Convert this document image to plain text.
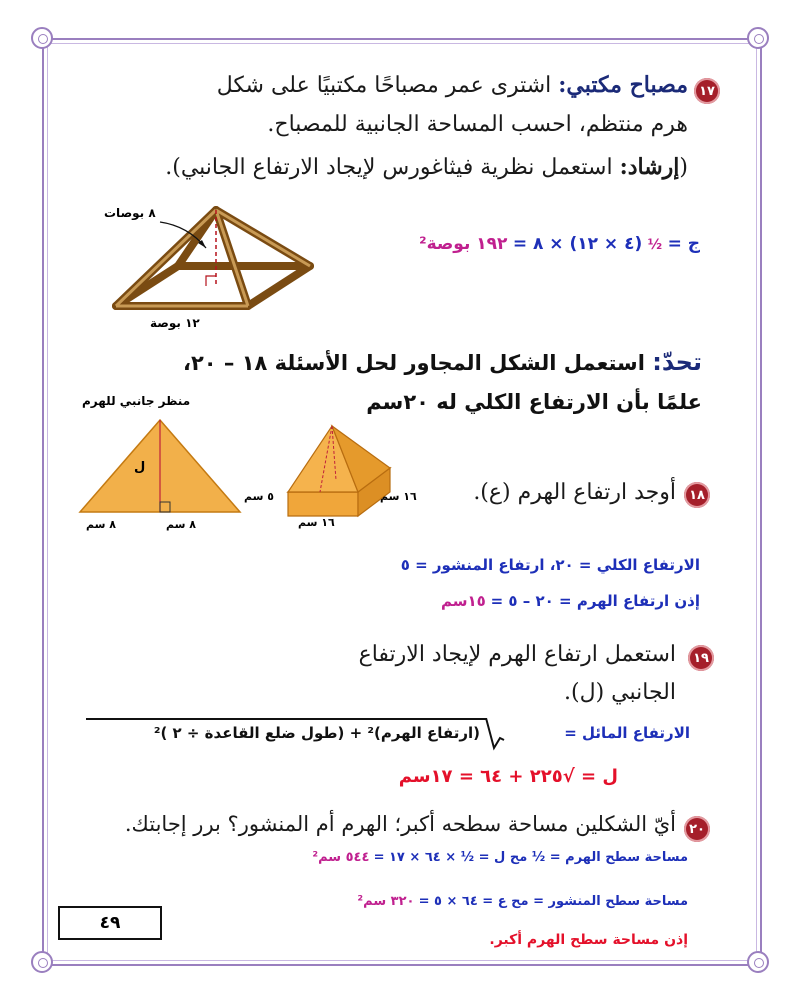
١٧
مصباح مكتبي: اشترى عمر مصباحًا مكتبيًا على شكل
هرم منتظم، احسب المساحة الجانبية للمصباح.
(إرشاد: استعمل نظرية فيثاغورس لإيجاد الارتفاع الجانبي).
٨ بوصات
١٢ بوصة
ج = ½ (٤ × ١٢) × ٨ = ١٩٢ بوصة²
تحدّ: استعمل الشكل المجاور لحل الأسئلة ١٨ – ٢٠،
علمًا بأن الارتفاع الكلي له ٢٠سم
منظر جانبي للهرم
ل
٨ سم	٨ سم
٥ سم	١٦ سم
١٦ سم
١٨
أوجد ارتفاع الهرم (ع).
الارتفاع الكلي = ٢٠، ارتفاع المنشور = ٥
إذن ارتفاع الهرم = ٢٠ – ٥ = ١٥سم
١٩
استعمل ارتفاع الهرم لإيجاد الارتفاع
الجانبي (ل).
الارتفاع المائل =
(ارتفاع الهرم)² + (طول ضلع القاعدة ÷ ٢ )²
ل = √٢٢٥ + ٦٤ = ١٧سم
٢٠
أيّ الشكلين مساحة سطحه أكبر؛ الهرم أم المنشور؟ برر إجابتك.
مساحة سطح الهرم = ½ مح ل = ½ × ٦٤ × ١٧ = ٥٤٤ سم²
مساحة سطح المنشور = مح ع = ٦٤ × ٥ = ٣٢٠ سم²
إذن مساحة سطح الهرم أكبر.
٤٩
